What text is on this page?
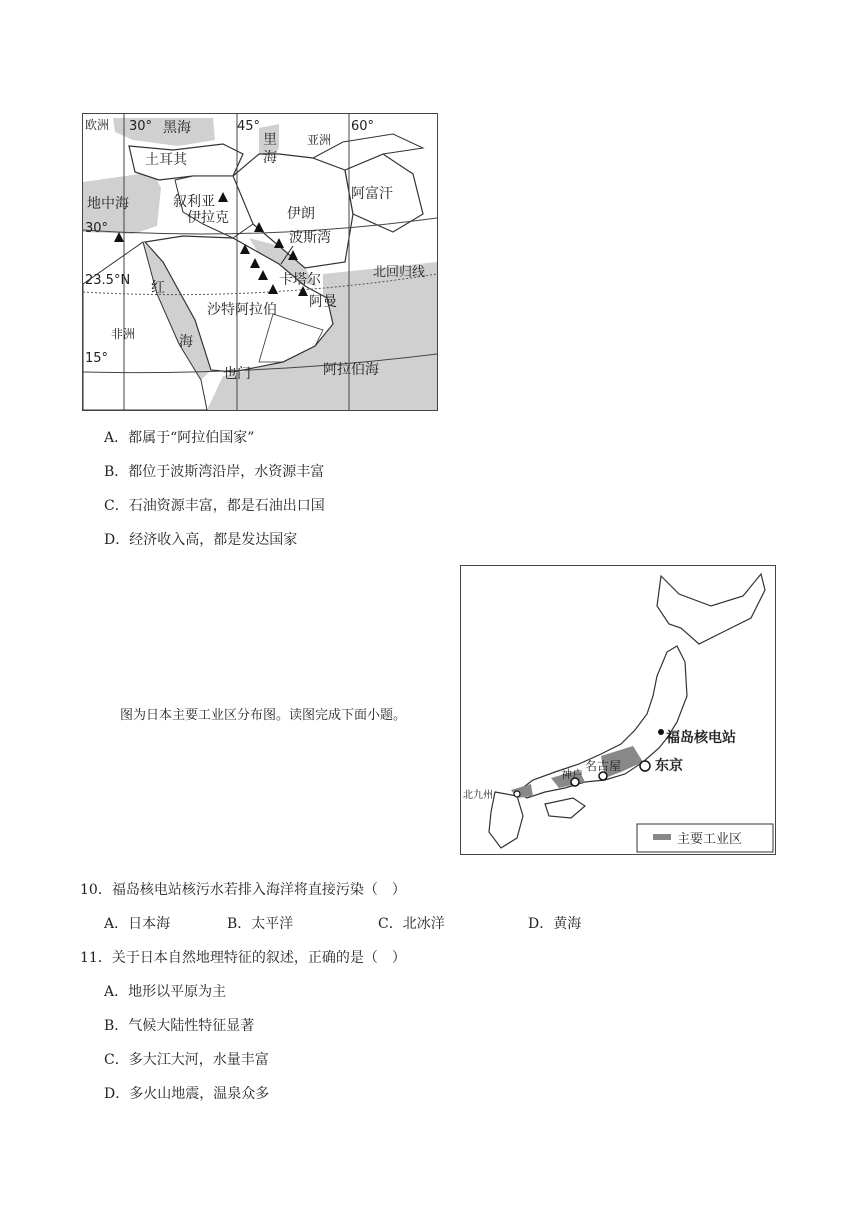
欧洲 30° 黑海	45°
里
海
亚洲
60°
土耳其
叙利亚
地中海
伊拉克	伊朗
阿富汗
30°
波斯湾
23.5°N	卡塔尔	北回归线
红
沙特阿拉伯 阿曼
非洲	海
15°
也门	阿拉伯海
A．都属于“阿拉伯国家”
B．都位于波斯湾沿岸，水资源丰富
C．石油资源丰富，都是石油出口国
D．经济收入高，都是发达国家
图为日本主要工业区分布图。读图完成下面小题。
福岛核电站
东京
名古屋
神户
北九州
主要工业区
10．福岛核电站核污水若排入海洋将直接污染（　）
A．日本海	B．太平洋	C．北冰洋	D．黄海
11．关于日本自然地理特征的叙述，正确的是（　）
A．地形以平原为主
B．气候大陆性特征显著
C．多大江大河，水量丰富
D．多火山地震，温泉众多
